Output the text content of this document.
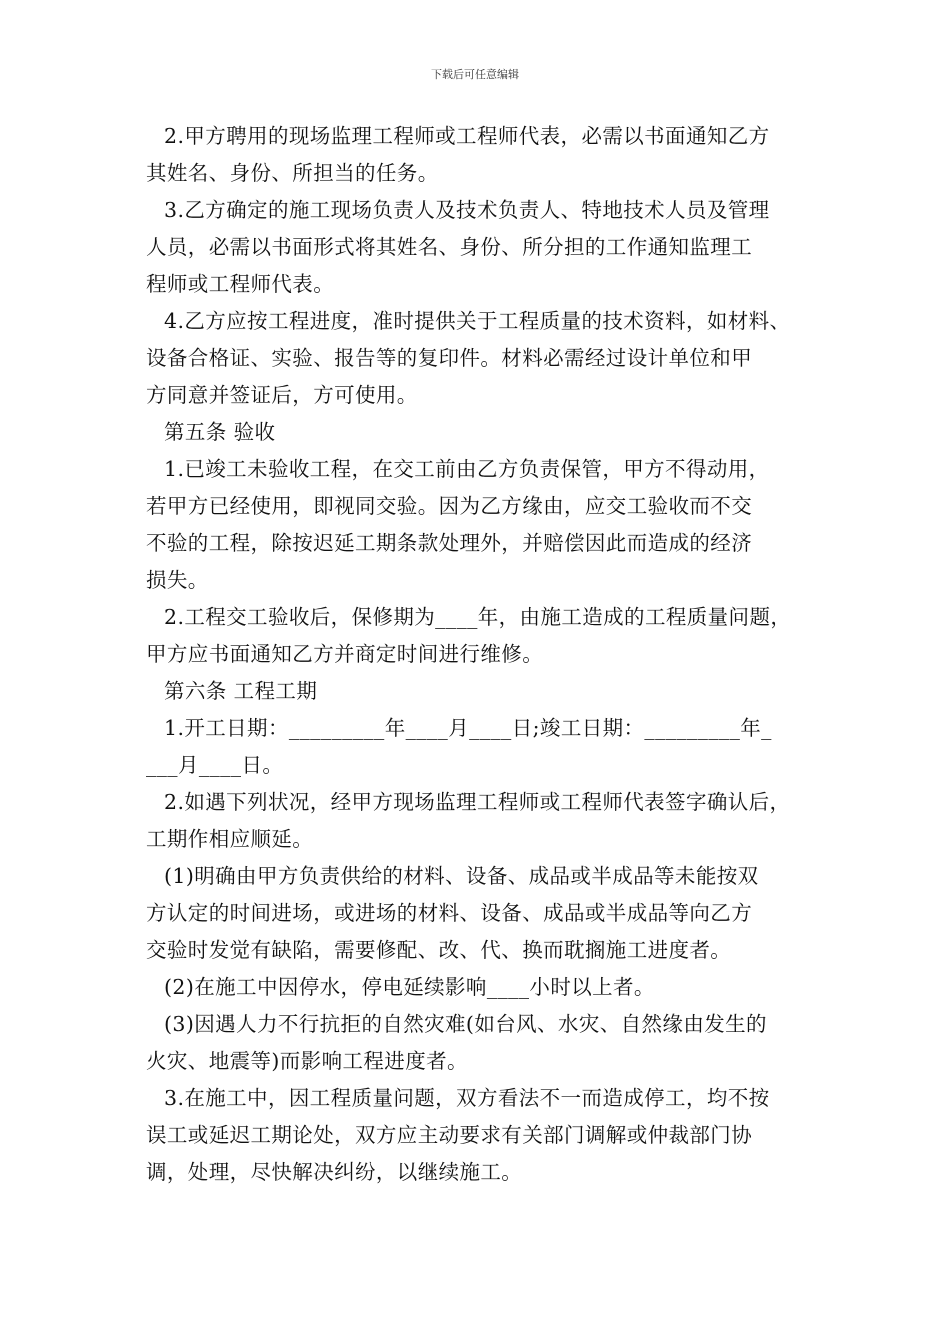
下载后可任意编辑
2.甲方聘用的现场监理工程师或工程师代表，必需以书面通知乙方
其姓名、身份、所担当的任务。
3.乙方确定的施工现场负责人及技术负责人、特地技术人员及管理
人员，必需以书面形式将其姓名、身份、所分担的工作通知监理工
程师或工程师代表。
4.乙方应按工程进度，准时提供关于工程质量的技术资料，如材料、
设备合格证、实验、报告等的复印件。材料必需经过设计单位和甲
方同意并签证后，方可使用。
第五条 验收
1.已竣工未验收工程，在交工前由乙方负责保管，甲方不得动用，
若甲方已经使用，即视同交验。因为乙方缘由，应交工验收而不交
不验的工程，除按迟延工期条款处理外，并赔偿因此而造成的经济
损失。
2.工程交工验收后，保修期为____年，由施工造成的工程质量问题，
甲方应书面通知乙方并商定时间进行维修。
第六条 工程工期
1.开工日期：_________年____月____日;竣工日期：_________年_
___月____日。
2.如遇下列状况，经甲方现场监理工程师或工程师代表签字确认后，
工期作相应顺延。
(1)明确由甲方负责供给的材料、设备、成品或半成品等未能按双
方认定的时间进场，或进场的材料、设备、成品或半成品等向乙方
交验时发觉有缺陷，需要修配、改、代、换而耽搁施工进度者。
(2)在施工中因停水，停电延续影响____小时以上者。
(3)因遇人力不行抗拒的自然灾难(如台风、水灾、自然缘由发生的
火灾、地震等)而影响工程进度者。
3.在施工中，因工程质量问题，双方看法不一而造成停工，均不按
误工或延迟工期论处，双方应主动要求有关部门调解或仲裁部门协
调，处理，尽快解决纠纷，以继续施工。
